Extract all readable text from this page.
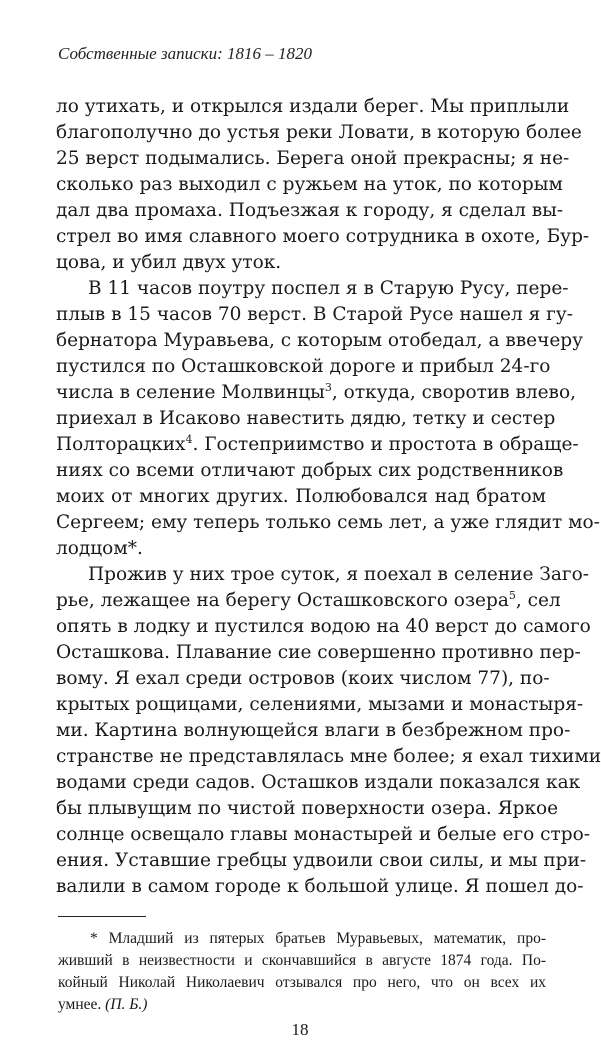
Собственные записки: 1816 – 1820
ло утихать, и открылся издали берег. Мы приплыли
благополучно до устья реки Ловати, в которую более
25 верст подымались. Берега оной прекрасны; я не-
сколько раз выходил с ружьем на уток, по которым
дал два промаха. Подъезжая к городу, я сделал вы-
стрел во имя славного моего сотрудника в охоте, Бур-
цова, и убил двух уток.
В 11 часов поутру поспел я в Старую Русу, пере-
плыв в 15 часов 70 верст. В Старой Русе нашел я гу-
бернатора Муравьева, с которым отобедал, а ввечеру
пустился по Осташковской дороге и прибыл 24-го
числа в селение Молвинцы$^3$, откуда, своротив влево,
приехал в Исаково навестить дядю, тетку и сестер
Полторацких$^4$. Гостеприимство и простота в обраще-
ниях со всеми отличают добрых сих родственников
моих от многих других. Полюбовался над братом
Сергеем; ему теперь только семь лет, а уже глядит мо-
лодцом*.
Прожив у них трое суток, я поехал в селение Заго-
рье, лежащее на берегу Осташковского озера$^5$, сел
опять в лодку и пустился водою на 40 верст до самого
Осташкова. Плавание сие совершенно противно пер-
вому. Я ехал среди островов (коих числом 77), по-
крытых рощицами, селениями, мызами и монастыря-
ми. Картина волнующейся влаги в безбрежном про-
странстве не представлялась мне более; я ехал тихими
водами среди садов. Осташков издали показался как
бы плывущим по чистой поверхности озера. Яркое
солнце освещало главы монастырей и белые его стро-
ения. Уставшие гребцы удвоили свои силы, и мы при-
валили в самом городе к большой улице. Я пошел до-
* Младший из пятерых братьев Муравьевых, математик, про-
живший в неизвестности и скончавшийся в августе 1874 года. По-
койный Николай Николаевич отзывался про него, что он всех их
умнее. (П. Б.)
18
